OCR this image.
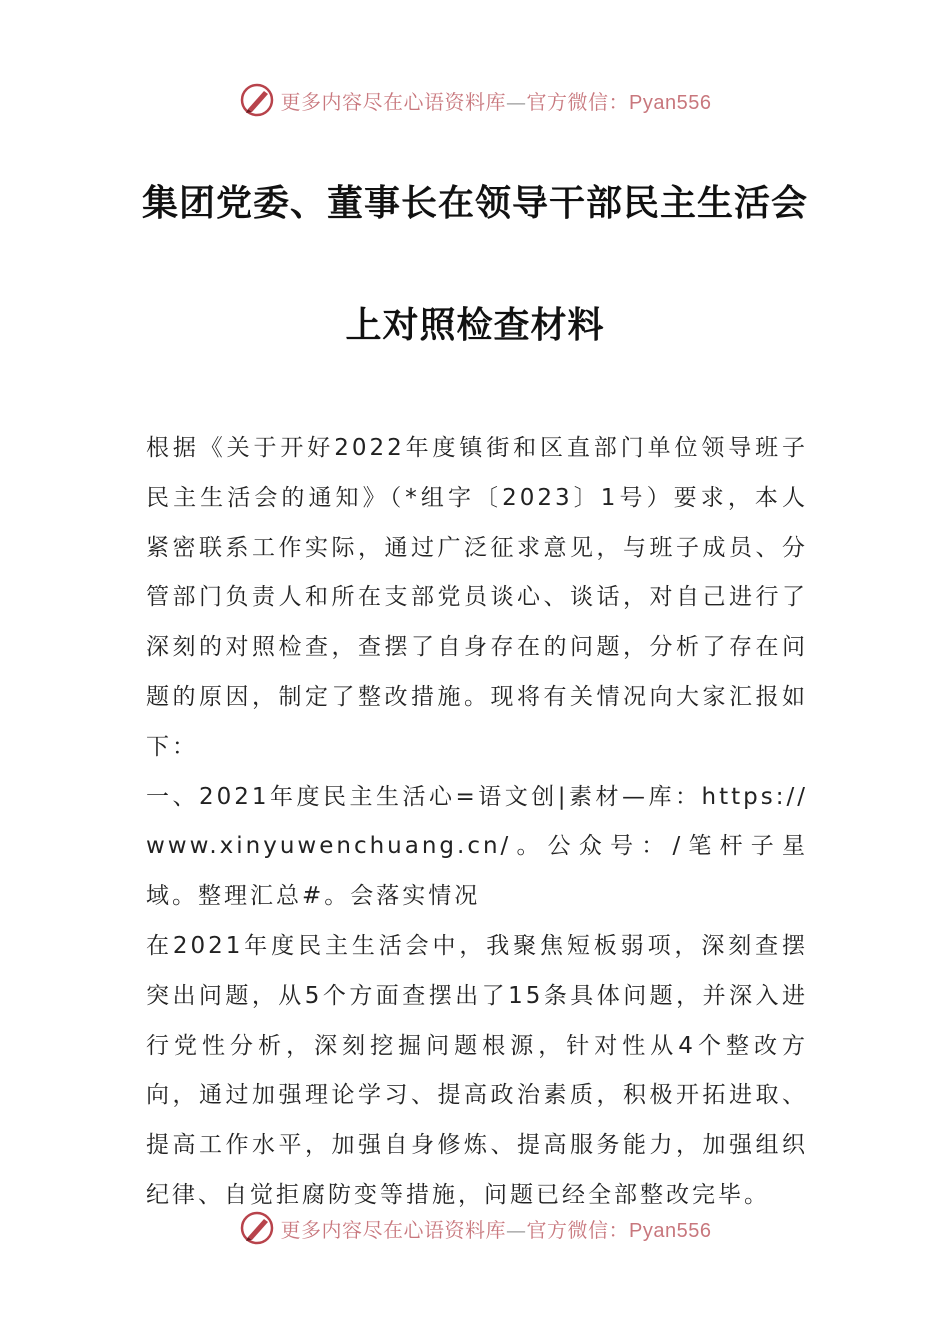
更多内容尽在心语资料库—官方微信：Pyan556
集团党委、董事长在领导干部民主生活会
上对照检查材料

根据《关于开好2022年度镇街和区直部门单位领导班子民主生活会的通知》（*组字〔2023〕1号）要求，本人紧密联系工作实际，通过广泛征求意见，与班子成员、分管部门负责人和所在支部党员谈心、谈话，对自己进行了深刻的对照检查，查摆了自身存在的问题，分析了存在问题的原因，制定了整改措施。现将有关情况向大家汇报如下：

一、2021年度民主生活心=语文创|素材—库：https://www.xinyuwenchuang.cn/。公众号：/笔杆子星域。整理汇总#。会落实情况

在2021年度民主生活会中，我聚焦短板弱项，深刻查摆突出问题，从5个方面查摆出了15条具体问题，并深入进行党性分析，深刻挖掘问题根源，针对性从4个整改方向，通过加强理论学习、提高政治素质，积极开拓进取、提高工作水平，加强自身修炼、提高服务能力，加强组织纪律、自觉拒腐防变等措施，问题已经全部整改完毕。

更多内容尽在心语资料库—官方微信：Pyan556
